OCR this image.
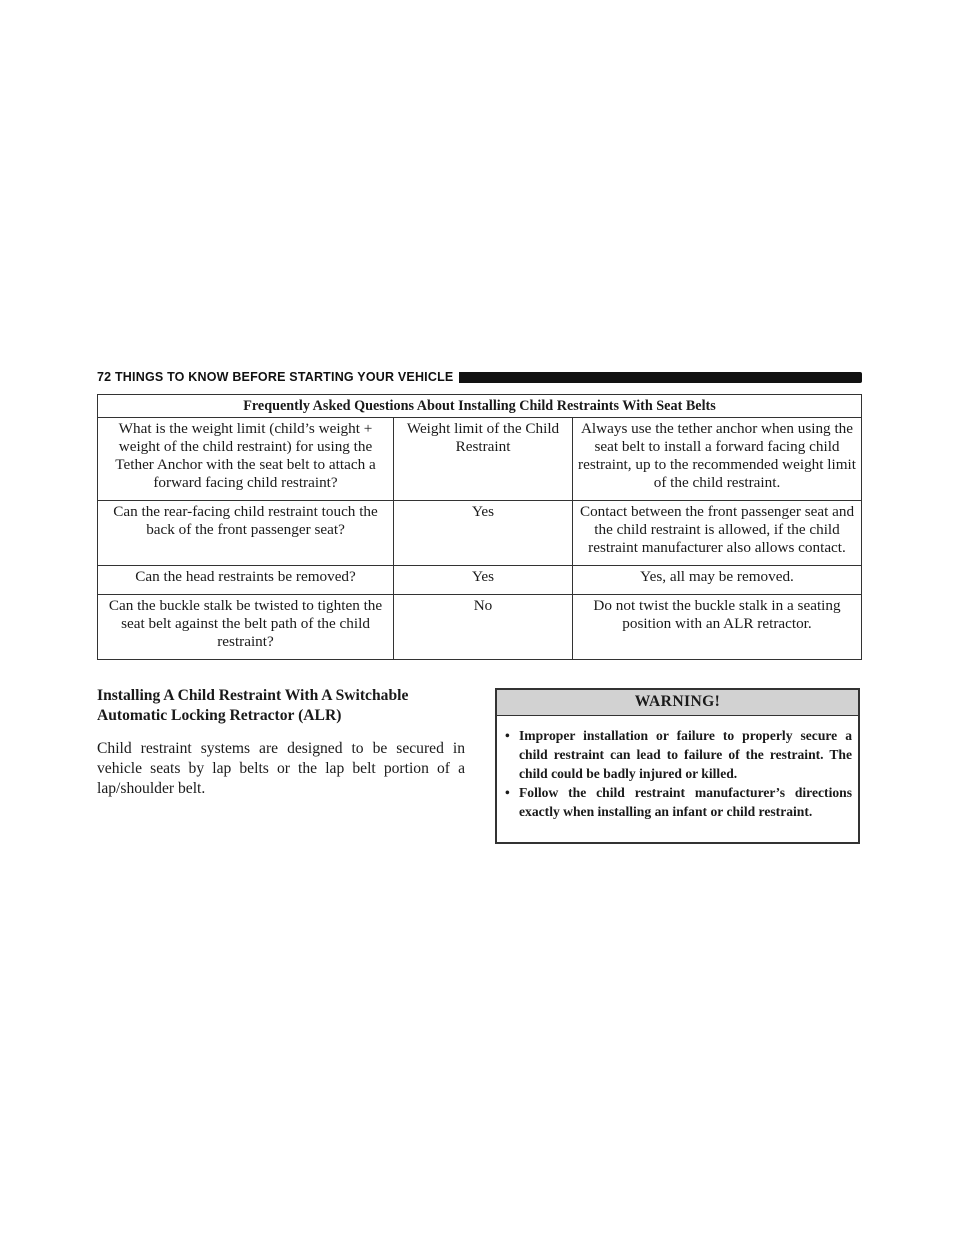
72 THINGS TO KNOW BEFORE STARTING YOUR VEHICLE
Frequently Asked Questions About Installing Child Restraints With Seat Belts		
What is the weight limit (child’s weight + weight of the child restraint) for using the Tether Anchor with the seat belt to attach a forward facing child restraint?	Weight limit of the Child Restraint	Always use the tether anchor when using the seat belt to install a forward facing child restraint, up to the recommended weight limit of the child restraint.
Can the rear-facing child restraint touch the back of the front passenger seat?	Yes	Contact between the front passenger seat and the child restraint is allowed, if the child restraint manufacturer also allows contact.
Can the head restraints be removed?	Yes	Yes, all may be removed.
Can the buckle stalk be twisted to tighten the seat belt against the belt path of the child restraint?	No	Do not twist the buckle stalk in a seating position with an ALR retractor.

Installing A Child Restraint With A Switchable Automatic Locking Retractor (ALR)

Child restraint systems are designed to be secured in vehicle seats by lap belts or the lap belt portion of a lap/shoulder belt.

WARNING!
• Improper installation or failure to properly secure a child restraint can lead to failure of the restraint. The child could be badly injured or killed.
• Follow the child restraint manufacturer’s directions exactly when installing an infant or child restraint.
